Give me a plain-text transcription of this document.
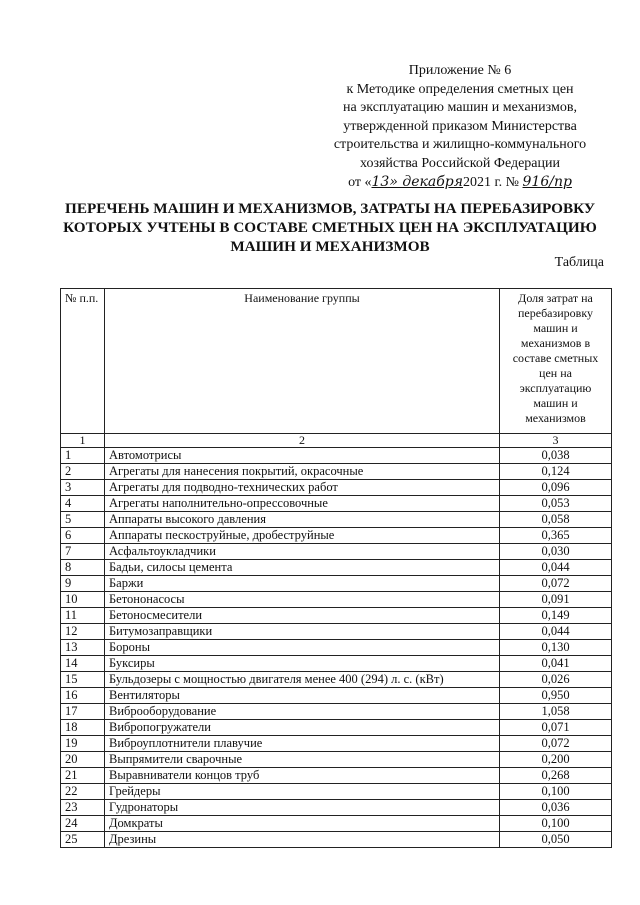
Приложение № 6
к Методике определения сметных цен
на эксплуатацию машин и механизмов,
утвержденной приказом Министерства
строительства и жилищно-коммунального
хозяйства Российской Федерации
от «13» декабря2021 г. № 916/пр
ПЕРЕЧЕНЬ МАШИН И МЕХАНИЗМОВ, ЗАТРАТЫ НА ПЕРЕБАЗИРОВКУ
КОТОРЫХ УЧТЕНЫ В СОСТАВЕ СМЕТНЫХ ЦЕН НА ЭКСПЛУАТАЦИЮ
МАШИН И МЕХАНИЗМОВ
Таблица
№ п.п.	Наименование группы	Доля затрат на перебазировку машин и механизмов в составе сметных цен на эксплуатацию машин и механизмов
1	2	3
1	Автомотрисы	0,038
2	Агрегаты для нанесения покрытий, окрасочные	0,124
3	Агрегаты для подводно-технических работ	0,096
4	Агрегаты наполнительно-опрессовочные	0,053
5	Аппараты высокого давления	0,058
6	Аппараты пескоструйные, дробеструйные	0,365
7	Асфальтоукладчики	0,030
8	Бадьи, силосы цемента	0,044
9	Баржи	0,072
10	Бетононасосы	0,091
11	Бетоносмесители	0,149
12	Битумозаправщики	0,044
13	Бороны	0,130
14	Буксиры	0,041
15	Бульдозеры с мощностью двигателя менее 400 (294) л. с. (кВт)	0,026
16	Вентиляторы	0,950
17	Виброоборудование	1,058
18	Вибропогружатели	0,071
19	Виброуплотнители плавучие	0,072
20	Выпрямители сварочные	0,200
21	Выравниватели концов труб	0,268
22	Грейдеры	0,100
23	Гудронаторы	0,036
24	Домкраты	0,100
25	Дрезины	0,050
